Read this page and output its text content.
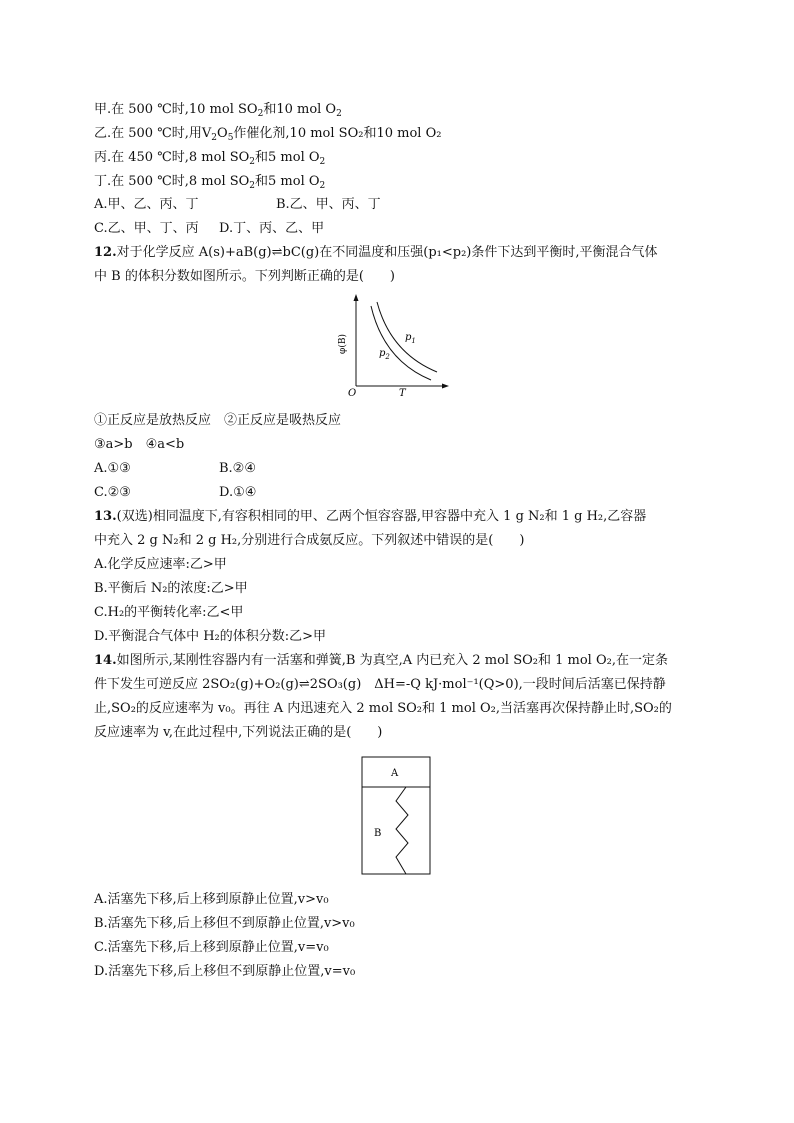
甲.在 500 ℃时,10 mol $SO_2$和10 mol $O_2$
乙.在 500 ℃时,用$V_2O_5$作催化剂,10 mol SO₂和10 mol O₂
丙.在 450 ℃时,8 mol $SO_2$和5 mol $O_2$
丁.在 500 ℃时,8 mol $SO_2$和5 mol $O_2$
A.甲、乙、丙、丁	B.乙、甲、丙、丁
C.乙、甲、丁、丙 D.丁、丙、乙、甲
12.对于化学反应 A(s)+aB(g)⇌bC(g)在不同温度和压强(p₁<p₂)条件下达到平衡时,平衡混合气体
中 B 的体积分数如图所示。下列判断正确的是(　　)
φ(B)
O	T
$p_1$
$p_2$
①正反应是放热反应　②正反应是吸热反应
③a>b　④a<b
A.①③	B.②④
C.②③	D.①④
13.(双选)相同温度下,有容积相同的甲、乙两个恒容容器,甲容器中充入 1 g N₂和 1 g H₂,乙容器
中充入 2 g N₂和 2 g H₂,分别进行合成氨反应。下列叙述中错误的是(　　)
A.化学反应速率:乙>甲
B.平衡后 N₂的浓度:乙>甲
C.H₂的平衡转化率:乙<甲
D.平衡混合气体中 H₂的体积分数:乙>甲
14.如图所示,某刚性容器内有一活塞和弹簧,B 为真空,A 内已充入 2 mol SO₂和 1 mol O₂,在一定条
件下发生可逆反应 2SO₂(g)+O₂(g)⇌2SO₃(g)　ΔH=-Q kJ·mol⁻¹(Q>0),一段时间后活塞已保持静
止,SO₂的反应速率为 v₀。再往 A 内迅速充入 2 mol SO₂和 1 mol O₂,当活塞再次保持静止时,SO₂的
反应速率为 v,在此过程中,下列说法正确的是(　　)
A
B
A.活塞先下移,后上移到原静止位置,v>v₀
B.活塞先下移,后上移但不到原静止位置,v>v₀
C.活塞先下移,后上移到原静止位置,v=v₀
D.活塞先下移,后上移但不到原静止位置,v=v₀
